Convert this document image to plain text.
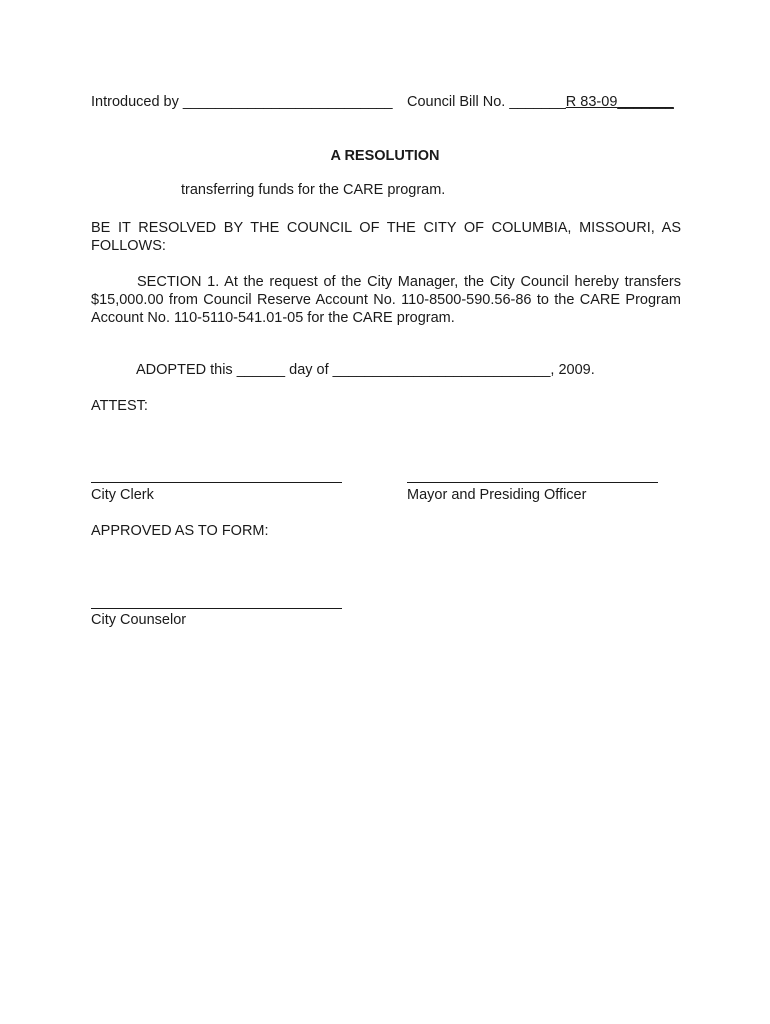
Introduced by __________________________ Council Bill No. _______R 83-09_______
A RESOLUTION
transferring funds for the CARE program.
BE IT RESOLVED BY THE COUNCIL OF THE CITY OF COLUMBIA, MISSOURI, AS FOLLOWS:
SECTION 1. At the request of the City Manager, the City Council hereby transfers $15,000.00 from Council Reserve Account No. 110-8500-590.56-86 to the CARE Program Account No. 110-5110-541.01-05 for the CARE program.
ADOPTED this ______ day of ___________________________, 2009.
ATTEST:
City Clerk	Mayor and Presiding Officer
APPROVED AS TO FORM:
City Counselor
